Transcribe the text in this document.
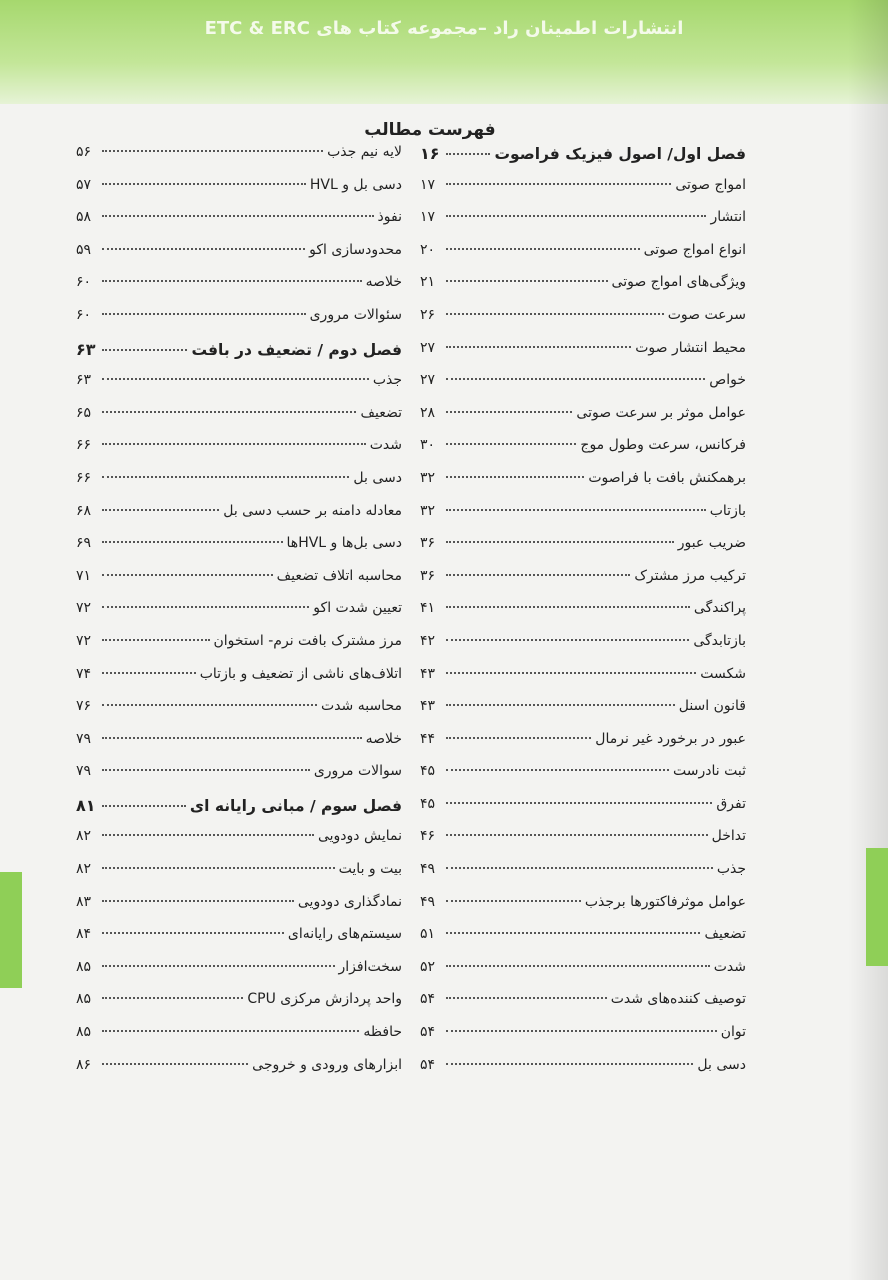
انتشارات اطمینان راد –مجموعه کتاب های ETC & ERC
فهرست مطالب
فصل اول/ اصول فیزیک فراصوت
۱۶
امواج صوتی
۱۷
انتشار
۱۷
انواع امواج صوتی
۲۰
ویژگی‌های امواج صوتی
۲۱
سرعت صوت
۲۶
محیط انتشار صوت
۲۷
خواص
۲۷
عوامل موثر بر سرعت صوتی
۲۸
فرکانس، سرعت وطول موج
۳۰
برهمکنش بافت با فراصوت
۳۲
بازتاب
۳۲
ضریب عبور
۳۶
ترکیب مرز مشترک
۳۶
پراکندگی
۴۱
بازتابدگی
۴۲
شکست
۴۳
قانون اسنل
۴۳
عبور در برخورد غیر نرمال
۴۴
ثبت نادرست
۴۵
تفرق
۴۵
تداخل
۴۶
جذب
۴۹
عوامل موثرفاکتورها برجذب
۴۹
تضعیف
۵۱
شدت
۵۲
توصیف کننده‌های شدت
۵۴
توان
۵۴
دسی بل
۵۴
لایه نیم جذب
۵۶
دسی بل و HVL
۵۷
نفوذ
۵۸
محدودسازی اکو
۵۹
خلاصه
۶۰
سئوالات مروری
۶۰
فصل دوم / تضعیف در بافت
۶۳
جذب
۶۳
تضعیف
۶۵
شدت
۶۶
دسی بل
۶۶
معادله دامنه بر حسب دسی بل
۶۸
دسی بل‌ها و HVLها
۶۹
محاسبه اتلاف تضعیف
۷۱
تعیین شدت اکو
۷۲
مرز مشترک بافت نرم- استخوان
۷۲
اتلاف‌های ناشی از تضعیف و بازتاب
۷۴
محاسبه شدت
۷۶
خلاصه
۷۹
سوالات مروری
۷۹
فصل سوم / مبانی رایانه ای
۸۱
نمایش دودویی
۸۲
بیت و بایت
۸۲
نمادگذاری دودویی
۸۳
سیستم‌های رایانه‌ای
۸۴
سخت‌افزار
۸۵
واحد پردازش مرکزی CPU
۸۵
حافظه
۸۵
ابزارهای ورودی و خروجی
۸۶
